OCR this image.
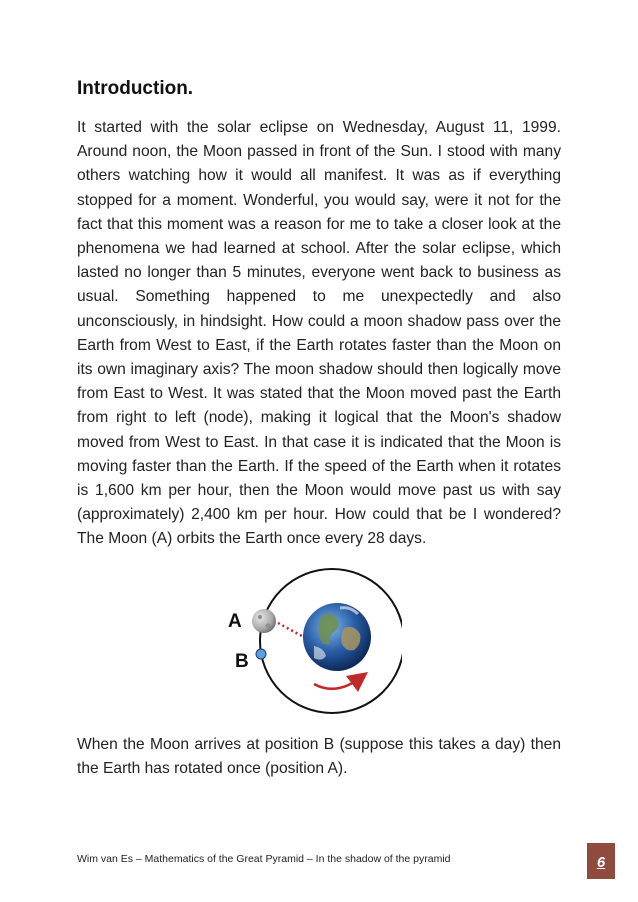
Introduction.

It started with the solar eclipse on Wednesday, August 11, 1999. Around noon, the Moon passed in front of the Sun. I stood with many others watching how it would all manifest. It was as if everything stopped for a moment. Wonderful, you would say, were it not for the fact that this moment was a reason for me to take a closer look at the phenomena we had learned at school. After the solar eclipse, which lasted no longer than 5 minutes, everyone went back to business as usual. Something happened to me unexpectedly and also unconsciously, in hindsight. How could a moon shadow pass over the Earth from West to East, if the Earth rotates faster than the Moon on its own imaginary axis? The moon shadow should then logically move from East to West. It was stated that the Moon moved past the Earth from right to left (node), making it logical that the Moon's shadow moved from West to East. In that case it is indicated that the Moon is moving faster than the Earth. If the speed of the Earth when it rotates is 1,600 km per hour, then the Moon would move past us with say (approximately) 2,400 km per hour. How could that be I wondered? The Moon (A) orbits the Earth once every 28 days.

A
B

When the Moon arrives at position B (suppose this takes a day) then the Earth has rotated once (position A).

Wim van Es – Mathematics of the Great Pyramid – In the shadow of the pyramid	6
